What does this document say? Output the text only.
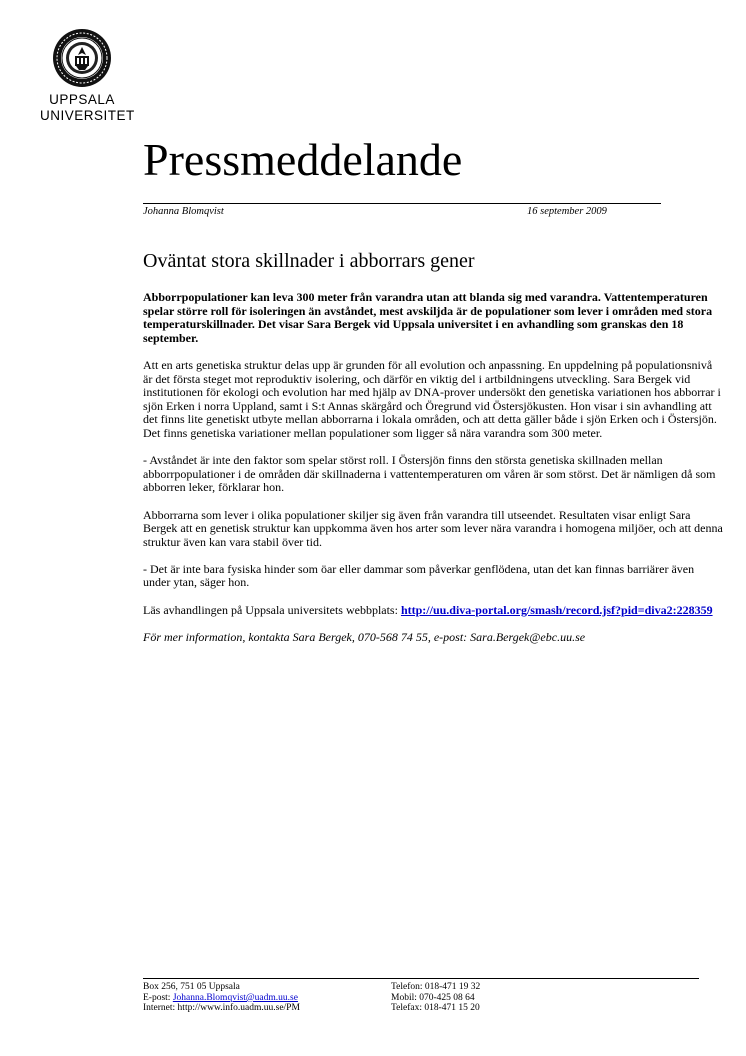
UPPSALA
UNIVERSITET
Pressmeddelande
Johanna Blomqvist	16 september 2009
Oväntat stora skillnader i abborrars gener

Abborrpopulationer kan leva 300 meter från varandra utan att blanda sig med varandra. Vattentemperaturen spelar större roll för isoleringen än avståndet, mest avskiljda är de populationer som lever i områden med stora temperaturskillnader. Det visar Sara Bergek vid Uppsala universitet i en avhandling som granskas den 18 september.

Att en arts genetiska struktur delas upp är grunden för all evolution och anpassning. En uppdelning på populationsnivå är det första steget mot reproduktiv isolering, och därför en viktig del i artbildningens utveckling. Sara Bergek vid institutionen för ekologi och evolution har med hjälp av DNA-prover undersökt den genetiska variationen hos abborrar i sjön Erken i norra Uppland, samt i S:t Annas skärgård och Öregrund vid Östersjökusten. Hon visar i sin avhandling att det finns lite genetiskt utbyte mellan abborrarna i lokala områden, och att detta gäller både i sjön Erken och i Östersjön. Det finns genetiska variationer mellan populationer som ligger så nära varandra som 300 meter.

- Avståndet är inte den faktor som spelar störst roll. I Östersjön finns den största genetiska skillnaden mellan abborrpopulationer i de områden där skillnaderna i vattentemperaturen om våren är som störst. Det är nämligen då som abborren leker, förklarar hon.

Abborrarna som lever i olika populationer skiljer sig även från varandra till utseendet. Resultaten visar enligt Sara Bergek att en genetisk struktur kan uppkomma även hos arter som lever nära varandra i homogena miljöer, och att denna struktur även kan vara stabil över tid.

- Det är inte bara fysiska hinder som öar eller dammar som påverkar genflödena, utan det kan finnas barriärer även under ytan, säger hon.

Läs avhandlingen på Uppsala universitets webbplats: http://uu.diva-portal.org/smash/record.jsf?pid=diva2:228359

För mer information, kontakta Sara Bergek, 070-568 74 55, e-post: Sara.Bergek@ebc.uu.se

Box 256, 751 05 Uppsala
E-post: Johanna.Blomqvist@uadm.uu.se
Internet: http://www.info.uadm.uu.se/PM
Telefon: 018-471 19 32
Mobil: 070-425 08 64
Telefax: 018-471 15 20
